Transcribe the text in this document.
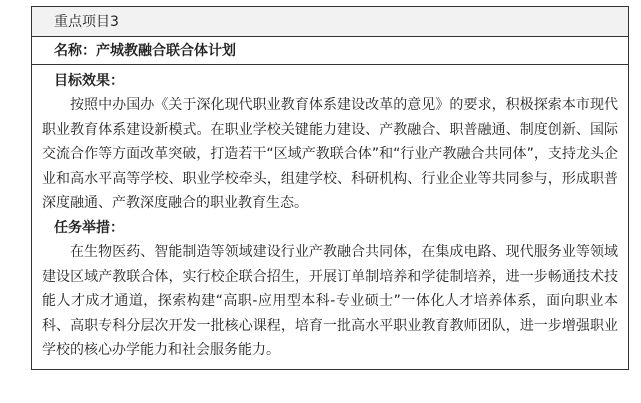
重点项目3
名称：产城教融合联合体计划
目标效果：

按照中办国办《关于深化现代职业教育体系建设改革的意见》的要求，积极探索本市现代职业教育体系建设新模式。在职业学校关键能力建设、产教融合、职普融通、制度创新、国际交流合作等方面改革突破，打造若干“区域产教联合体”和“行业产教融合共同体”，支持龙头企业和高水平高等学校、职业学校牵头，组建学校、科研机构、行业企业等共同参与，形成职普深度融通、产教深度融合的职业教育生态。

任务举措：

在生物医药、智能制造等领域建设行业产教融合共同体，在集成电路、现代服务业等领域建设区域产教联合体，实行校企联合招生，开展订单制培养和学徒制培养，进一步畅通技术技能人才成才通道，探索构建“高职-应用型本科-专业硕士”一体化人才培养体系，面向职业本科、高职专科分层次开发一批核心课程，培育一批高水平职业教育教师团队，进一步增强职业学校的核心办学能力和社会服务能力。
